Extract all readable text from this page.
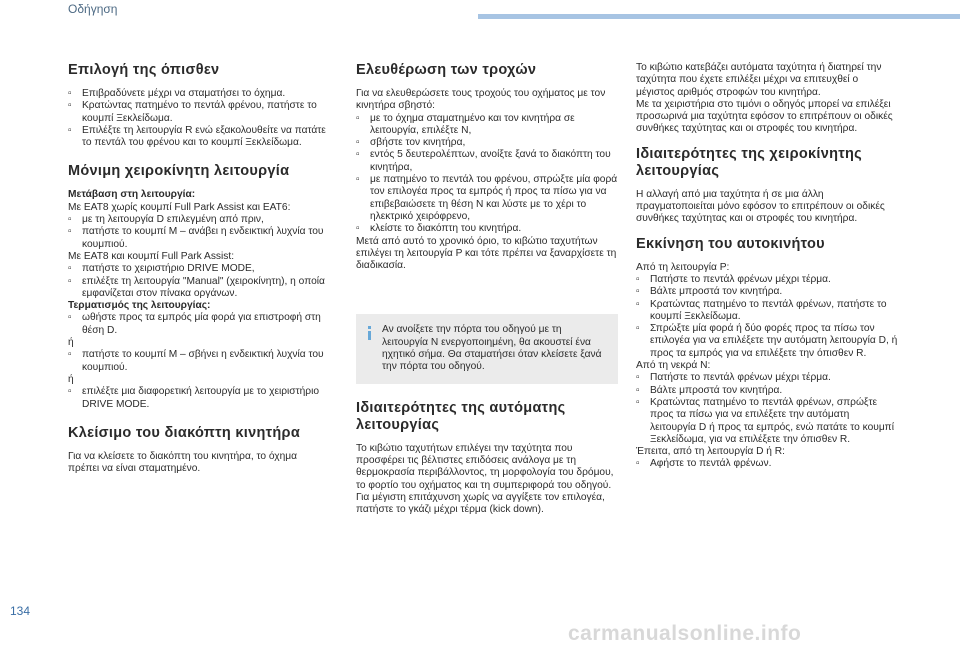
Οδήγηση
Επιλογή της όπισθεν
▫	Επιβραδύνετε μέχρι να σταματήσει το όχημα.
▫	Κρατώντας πατημένο το πεντάλ φρένου, πατήστε το κουμπί Ξεκλείδωμα.
▫	Επιλέξτε τη λειτουργία R ενώ εξακολουθείτε να πατάτε το πεντάλ του φρένου και το κουμπί Ξεκλείδωμα.
Μόνιμη χειροκίνητη λειτουργία

Μετάβαση στη λειτουργία:

Με EAT8 χωρίς κουμπί Full Park Assist και EAT6:

▫	με τη λειτουργία D επιλεγμένη από πριν,
▫	πατήστε το κουμπί M – ανάβει η ενδεικτική λυχνία του κουμπιού.

Με EAT8 και κουμπί Full Park Assist:

▫	πατήστε το χειριστήριο DRIVE MODE,
▫	επιλέξτε τη λειτουργία "Manual" (χειροκίνητη), η οποία εμφανίζεται στον πίνακα οργάνων.

Τερματισμός της λειτουργίας:

▫	ωθήστε προς τα εμπρός μία φορά για επιστροφή στη θέση D.

ή

▫	πατήστε το κουμπί M – σβήνει η ενδεικτική λυχνία του κουμπιού.

ή

▫	επιλέξτε μια διαφορετική λειτουργία με το χειριστήριο DRIVE MODE.
Κλείσιμο του διακόπτη κινητήρα

Για να κλείσετε το διακόπτη του κινητήρα, το όχημα πρέπει να είναι σταματημένο.

Ελευθέρωση των τροχών

Για να ελευθερώσετε τους τροχούς του οχήματος με τον κινητήρα σβηστό:

▫	με το όχημα σταματημένο και τον κινητήρα σε λειτουργία, επιλέξτε N,
▫	σβήστε τον κινητήρα,
▫	εντός 5 δευτερολέπτων, ανοίξτε ξανά το διακόπτη του κινητήρα,
▫	με πατημένο το πεντάλ του φρένου, σπρώξτε μία φορά τον επιλογέα προς τα εμπρός ή προς τα πίσω για να επιβεβαιώσετε τη θέση N και λύστε με το χέρι το ηλεκτρικό χειρόφρενο,
▫	κλείστε το διακόπτη του κινητήρα.

Μετά από αυτό το χρονικό όριο, το κιβώτιο ταχυτήτων επιλέγει τη λειτουργία P και τότε πρέπει να ξαναρχίσετε τη διαδικασία.

Αν ανοίξετε την πόρτα του οδηγού με τη λειτουργία N ενεργοποιημένη, θα ακουστεί ένα ηχητικό σήμα. Θα σταματήσει όταν κλείσετε ξανά την πόρτα του οδηγού.

Ιδιαιτερότητες της αυτόματης λειτουργίας

Το κιβώτιο ταχυτήτων επιλέγει την ταχύτητα που προσφέρει τις βέλτιστες επιδόσεις ανάλογα με τη θερμοκρασία περιβάλλοντος, τη μορφολογία του δρόμου, το φορτίο του οχήματος και τη συμπεριφορά του οδηγού.

Για μέγιστη επιτάχυνση χωρίς να αγγίξετε τον επιλογέα, πατήστε το γκάζι μέχρι τέρμα (kick down).

Το κιβώτιο κατεβάζει αυτόματα ταχύτητα ή διατηρεί την ταχύτητα που έχετε επιλέξει μέχρι να επιτευχθεί ο μέγιστος αριθμός στροφών του κινητήρα.

Με τα χειριστήρια στο τιμόνι ο οδηγός μπορεί να επιλέξει προσωρινά μια ταχύτητα εφόσον το επιτρέπουν οι οδικές συνθήκες ταχύτητας και οι στροφές του κινητήρα.

Ιδιαιτερότητες της χειροκίνητης λειτουργίας

Η αλλαγή από μια ταχύτητα ή σε μια άλλη πραγματοποιείται μόνο εφόσον το επιτρέπουν οι οδικές συνθήκες ταχύτητας και οι στροφές του κινητήρα.

Εκκίνηση του αυτοκινήτου

Από τη λειτουργία P:

▫	Πατήστε το πεντάλ φρένων μέχρι τέρμα.
▫	Βάλτε μπροστά τον κινητήρα.
▫	Κρατώντας πατημένο το πεντάλ φρένων, πατήστε το κουμπί Ξεκλείδωμα.
▫	Σπρώξτε μία φορά ή δύο φορές προς τα πίσω τον επιλογέα για να επιλέξετε την αυτόματη λειτουργία D, ή προς τα εμπρός για να επιλέξετε την όπισθεν R.

Από τη νεκρά N:

▫	Πατήστε το πεντάλ φρένων μέχρι τέρμα.
▫	Βάλτε μπροστά τον κινητήρα.
▫	Κρατώντας πατημένο το πεντάλ φρένων, σπρώξτε προς τα πίσω για να επιλέξετε την αυτόματη λειτουργία D ή προς τα εμπρός, ενώ πατάτε το κουμπί Ξεκλείδωμα, για να επιλέξετε την όπισθεν R.

Έπειτα, από τη λειτουργία D ή R:

▫	Αφήστε το πεντάλ φρένων.
134
carmanualsonline.info
